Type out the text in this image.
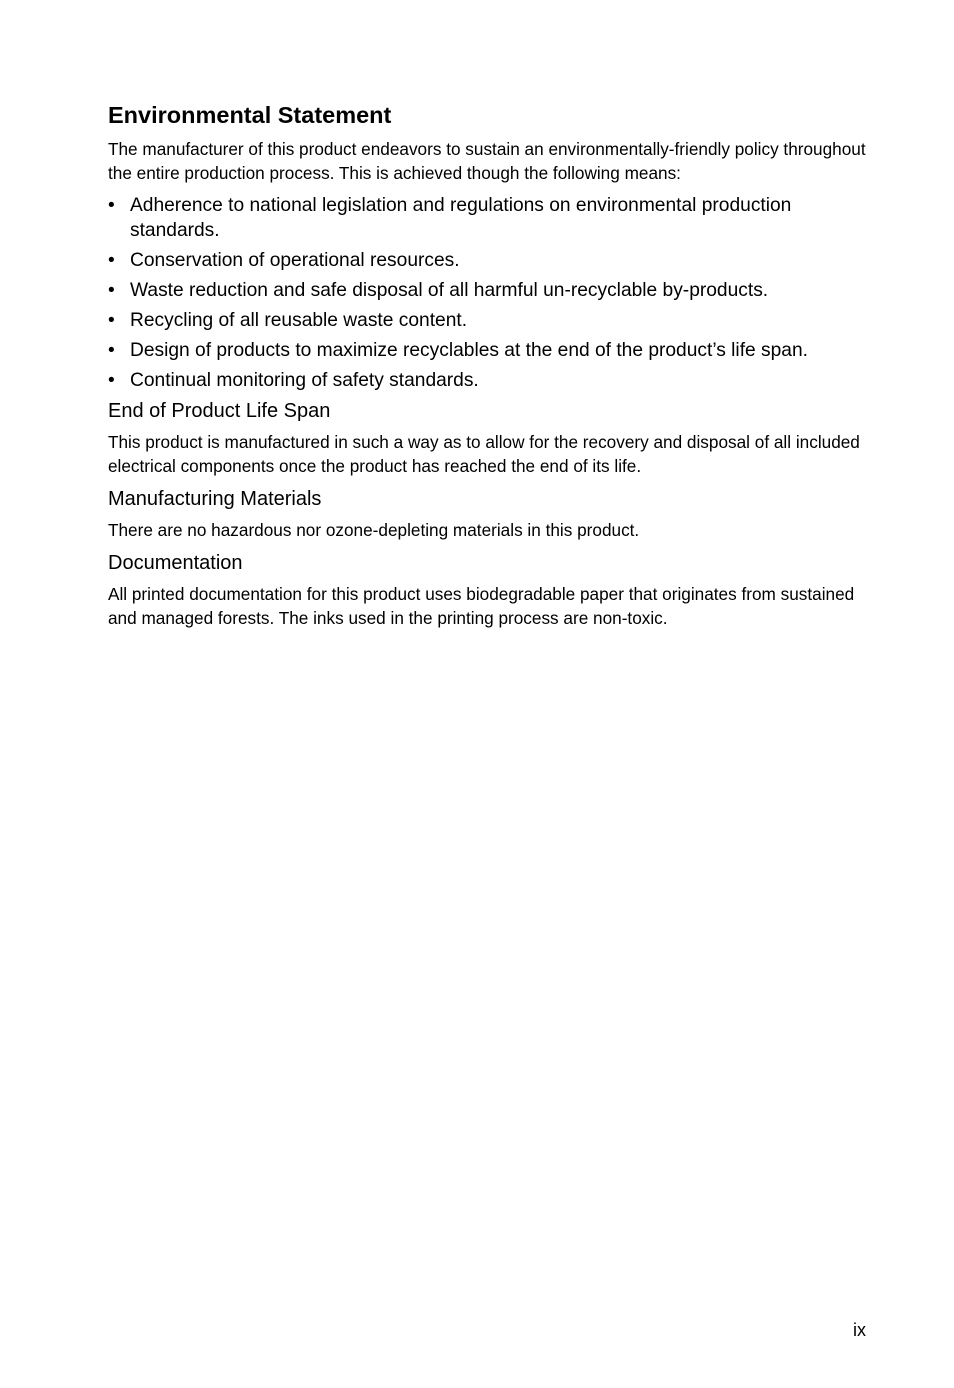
Environmental Statement

The manufacturer of this product endeavors to sustain an environmentally-friendly policy throughout the entire production process. This is achieved though the following means:

• Adherence to national legislation and regulations on environmental production standards.
• Conservation of operational resources.
• Waste reduction and safe disposal of all harmful un-recyclable by-products.
• Recycling of all reusable waste content.
• Design of products to maximize recyclables at the end of the product’s life span.
• Continual monitoring of safety standards.
End of Product Life Span

This product is manufactured in such a way as to allow for the recovery and disposal of all included electrical components once the product has reached the end of its life.

Manufacturing Materials

There are no hazardous nor ozone-depleting materials in this product.

Documentation

All printed documentation for this product uses biodegradable paper that originates from sustained and managed forests. The inks used in the printing process are non-toxic.

ix
